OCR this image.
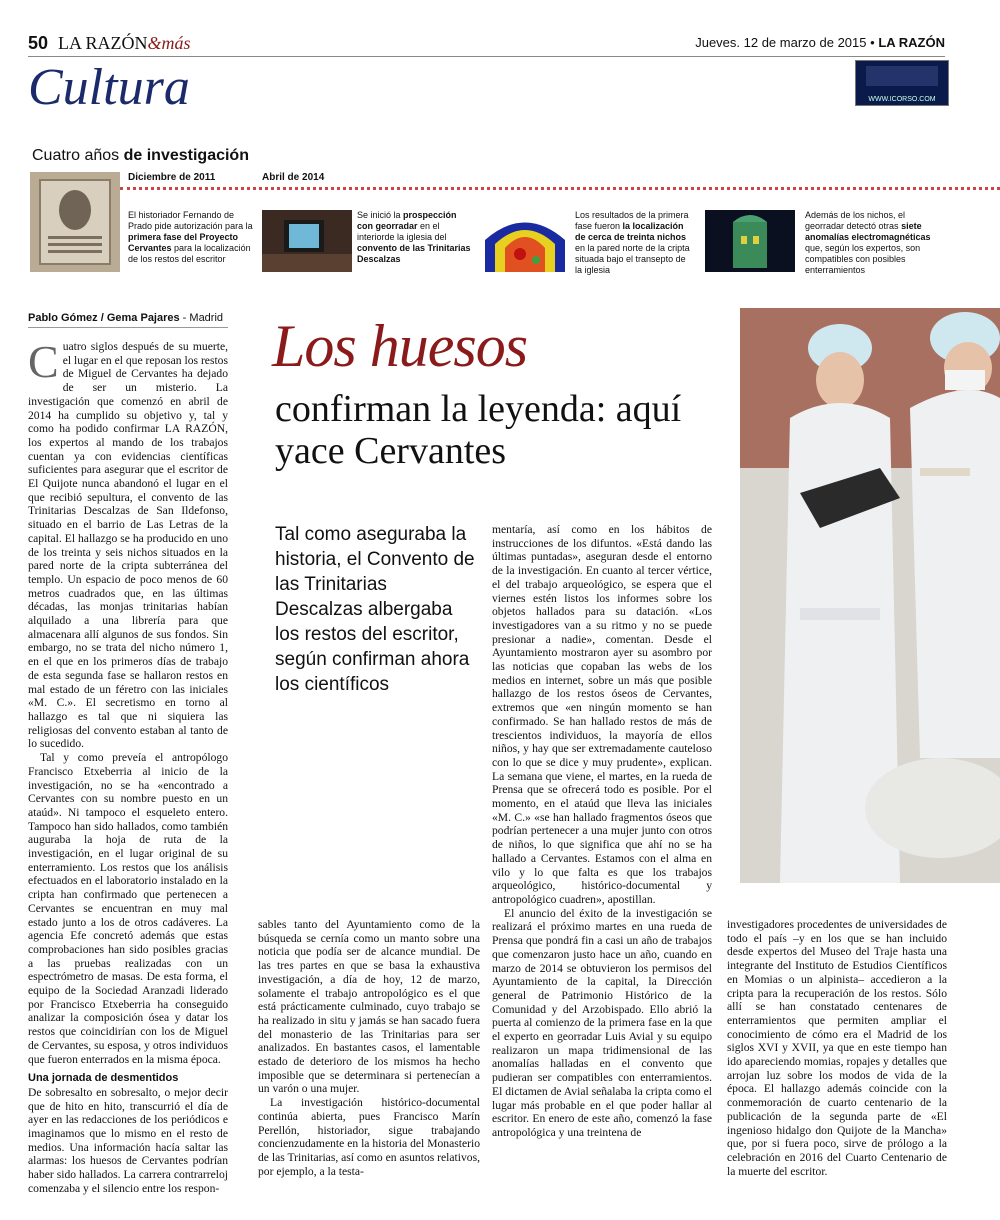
50 LA RAZÓN&más	Jueves. 12 de marzo de 2015 • LA RAZÓN
Cultura	WWW.ICORSO.COM
Cuatro años de investigación
Diciembre de 2011	Abril de 2014
El historiador Fernando de Prado pide autorización para la primera fase del Proyecto Cervantes para la localización de los restos del escritor
Se inició la prospección con georradar en el interiorde la iglesia del convento de las Trinitarias Descalzas
Los resultados de la primera fase fueron la localización de cerca de treinta nichos en la pared norte de la cripta situada bajo el transepto de la iglesia
Además de los nichos, el georradar detectó otras siete anomalías electromagnéticas que, según los expertos, son compatibles con posibles enterramientos
Pablo Gómez / Gema Pajares - Madrid Los huesos
confirman la leyenda: aquí yace Cervantes
Tal como aseguraba la historia, el Convento de las Trinitarias Descalzas albergaba los restos del escritor, según confirman ahora los científicos

Cuatro siglos después de su muerte, el lugar en el que reposan los restos de Miguel de Cervantes ha dejado de ser un misterio. La investigación que comenzó en abril de 2014 ha cumplido su objetivo y, tal y como ha podido confirmar LA RAZÓN, los expertos al mando de los trabajos cuentan ya con evidencias científicas suficientes para asegurar que el escritor de El Quijote nunca abandonó el lugar en el que recibió sepultura, el convento de las Trinitarias Descalzas de San Ildefonso, situado en el barrio de Las Letras de la capital. El hallazgo se ha producido en uno de los treinta y seis nichos situados en la pared norte de la cripta subterránea del templo. Un espacio de poco menos de 60 metros cuadrados que, en las últimas décadas, las monjas trinitarias habían alquilado a una librería para que almacenara allí algunos de sus fondos. Sin embargo, no se trata del nicho número 1, en el que en los primeros días de trabajo de esta segunda fase se hallaron restos en mal estado de un féretro con las iniciales «M. C.». El secretismo en torno al hallazgo es tal que ni siquiera las religiosas del convento estaban al tanto de lo sucedido.

Tal y como preveía el antropólogo Francisco Etxeberria al inicio de la investigación, no se ha «encontrado a Cervantes con su nombre puesto en un ataúd». Ni tampoco el esqueleto entero. Tampoco han sido hallados, como también auguraba la hoja de ruta de la investigación, en el lugar original de su enterramiento. Los restos que los análisis efectuados en el laboratorio instalado en la cripta han confirmado que pertenecen a Cervantes se encuentran en muy mal estado junto a los de otros cadáveres. La agencia Efe concretó además que estas comprobaciones han sido posibles gracias a las pruebas realizadas con un espectrómetro de masas. De esta forma, el equipo de la Sociedad Aranzadi liderado por Francisco Etxeberria ha conseguido analizar la composición ósea y datar los restos que coincidirían con los de Miguel de Cervantes, su esposa, y otros individuos que fueron enterrados en la misma época.

Una jornada de desmentidos

De sobresalto en sobresalto, o mejor decir que de hito en hito, transcurrió el día de ayer en las redacciones de los periódicos e imaginamos que lo mismo en el resto de medios. Una información hacía saltar las alarmas: los huesos de Cervantes podrían haber sido hallados. La carrera contrarreloj comenzaba y el silencio entre los respon-

sables tanto del Ayuntamiento como de la búsqueda se cernía como un manto sobre una noticia que podía ser de alcance mundial. De las tres partes en que se basa la exhaustiva investigación, a día de hoy, 12 de marzo, solamente el trabajo antropológico es el que está prácticamente culminado, cuyo trabajo se ha realizado in situ y jamás se han sacado fuera del monasterio de las Trinitarias para ser analizados. En bastantes casos, el lamentable estado de deterioro de los mismos ha hecho imposible que se determinara si pertenecían a un varón o una mujer.

La investigación histórico-documental continúa abierta, pues Francisco Marín Perellón, historiador, sigue trabajando concienzudamente en la historia del Monasterio de las Trinitarias, así como en asuntos relativos, por ejemplo, a la testa-

mentaría, así como en los hábitos de instrucciones de los difuntos. «Está dando las últimas puntadas», aseguran desde el entorno de la investigación. En cuanto al tercer vértice, el del trabajo arqueológico, se espera que el viernes estén listos los informes sobre los objetos hallados para su datación. «Los investigadores van a su ritmo y no se puede presionar a nadie», comentan. Desde el Ayuntamiento mostraron ayer su asombro por las noticias que copaban las webs de los medios en internet, sobre un más que posible hallazgo de los restos óseos de Cervantes, extremos que «en ningún momento se han confirmado. Se han hallado restos de más de trescientos individuos, la mayoría de ellos niños, y hay que ser extremadamente cauteloso con lo que se dice y muy prudente», explican. La semana que viene, el martes, en la rueda de Prensa que se ofrecerá todo es posible. Por el momento, en el ataúd que lleva las iniciales «M. C.» «se han hallado fragmentos óseos que podrían pertenecer a una mujer junto con otros de niños, lo que significa que ahí no se ha hallado a Cervantes. Estamos con el alma en vilo y lo que falta es que los trabajos arqueológico, histórico-documental y antropológico cuadren», apostillan.

El anuncio del éxito de la investigación se realizará el próximo martes en una rueda de Prensa que pondrá fin a casi un año de trabajos que comenzaron justo hace un año, cuando en marzo de 2014 se obtuvieron los permisos del Ayuntamiento de la capital, la Dirección general de Patrimonio Histórico de la Comunidad y del Arzobispado. Ello abrió la puerta al comienzo de la primera fase en la que el experto en georradar Luis Avial y su equipo realizaron un mapa tridimensional de las anomalías halladas en el convento que pudieran ser compatibles con enterramientos. El dictamen de Avial señalaba la cripta como el lugar más probable en el que poder hallar al escritor. En enero de este año, comenzó la fase antropológica y una treintena de

investigadores procedentes de universidades de todo el país –y en los que se han incluido desde expertos del Museo del Traje hasta una integrante del Instituto de Estudios Científicos en Momias o un alpinista– accedieron a la cripta para la recuperación de los restos. Sólo allí se han constatado centenares de enterramientos que permiten ampliar el conocimiento de cómo era el Madrid de los siglos XVI y XVII, ya que en este tiempo han ido apareciendo momias, ropajes y detalles que arrojan luz sobre los modos de vida de la época. El hallazgo además coincide con la conmemoración de cuarto centenario de la publicación de la segunda parte de «El ingenioso hidalgo don Quijote de la Mancha» que, por si fuera poco, sirve de prólogo a la celebración en 2016 del Cuarto Centenario de la muerte del escritor.
